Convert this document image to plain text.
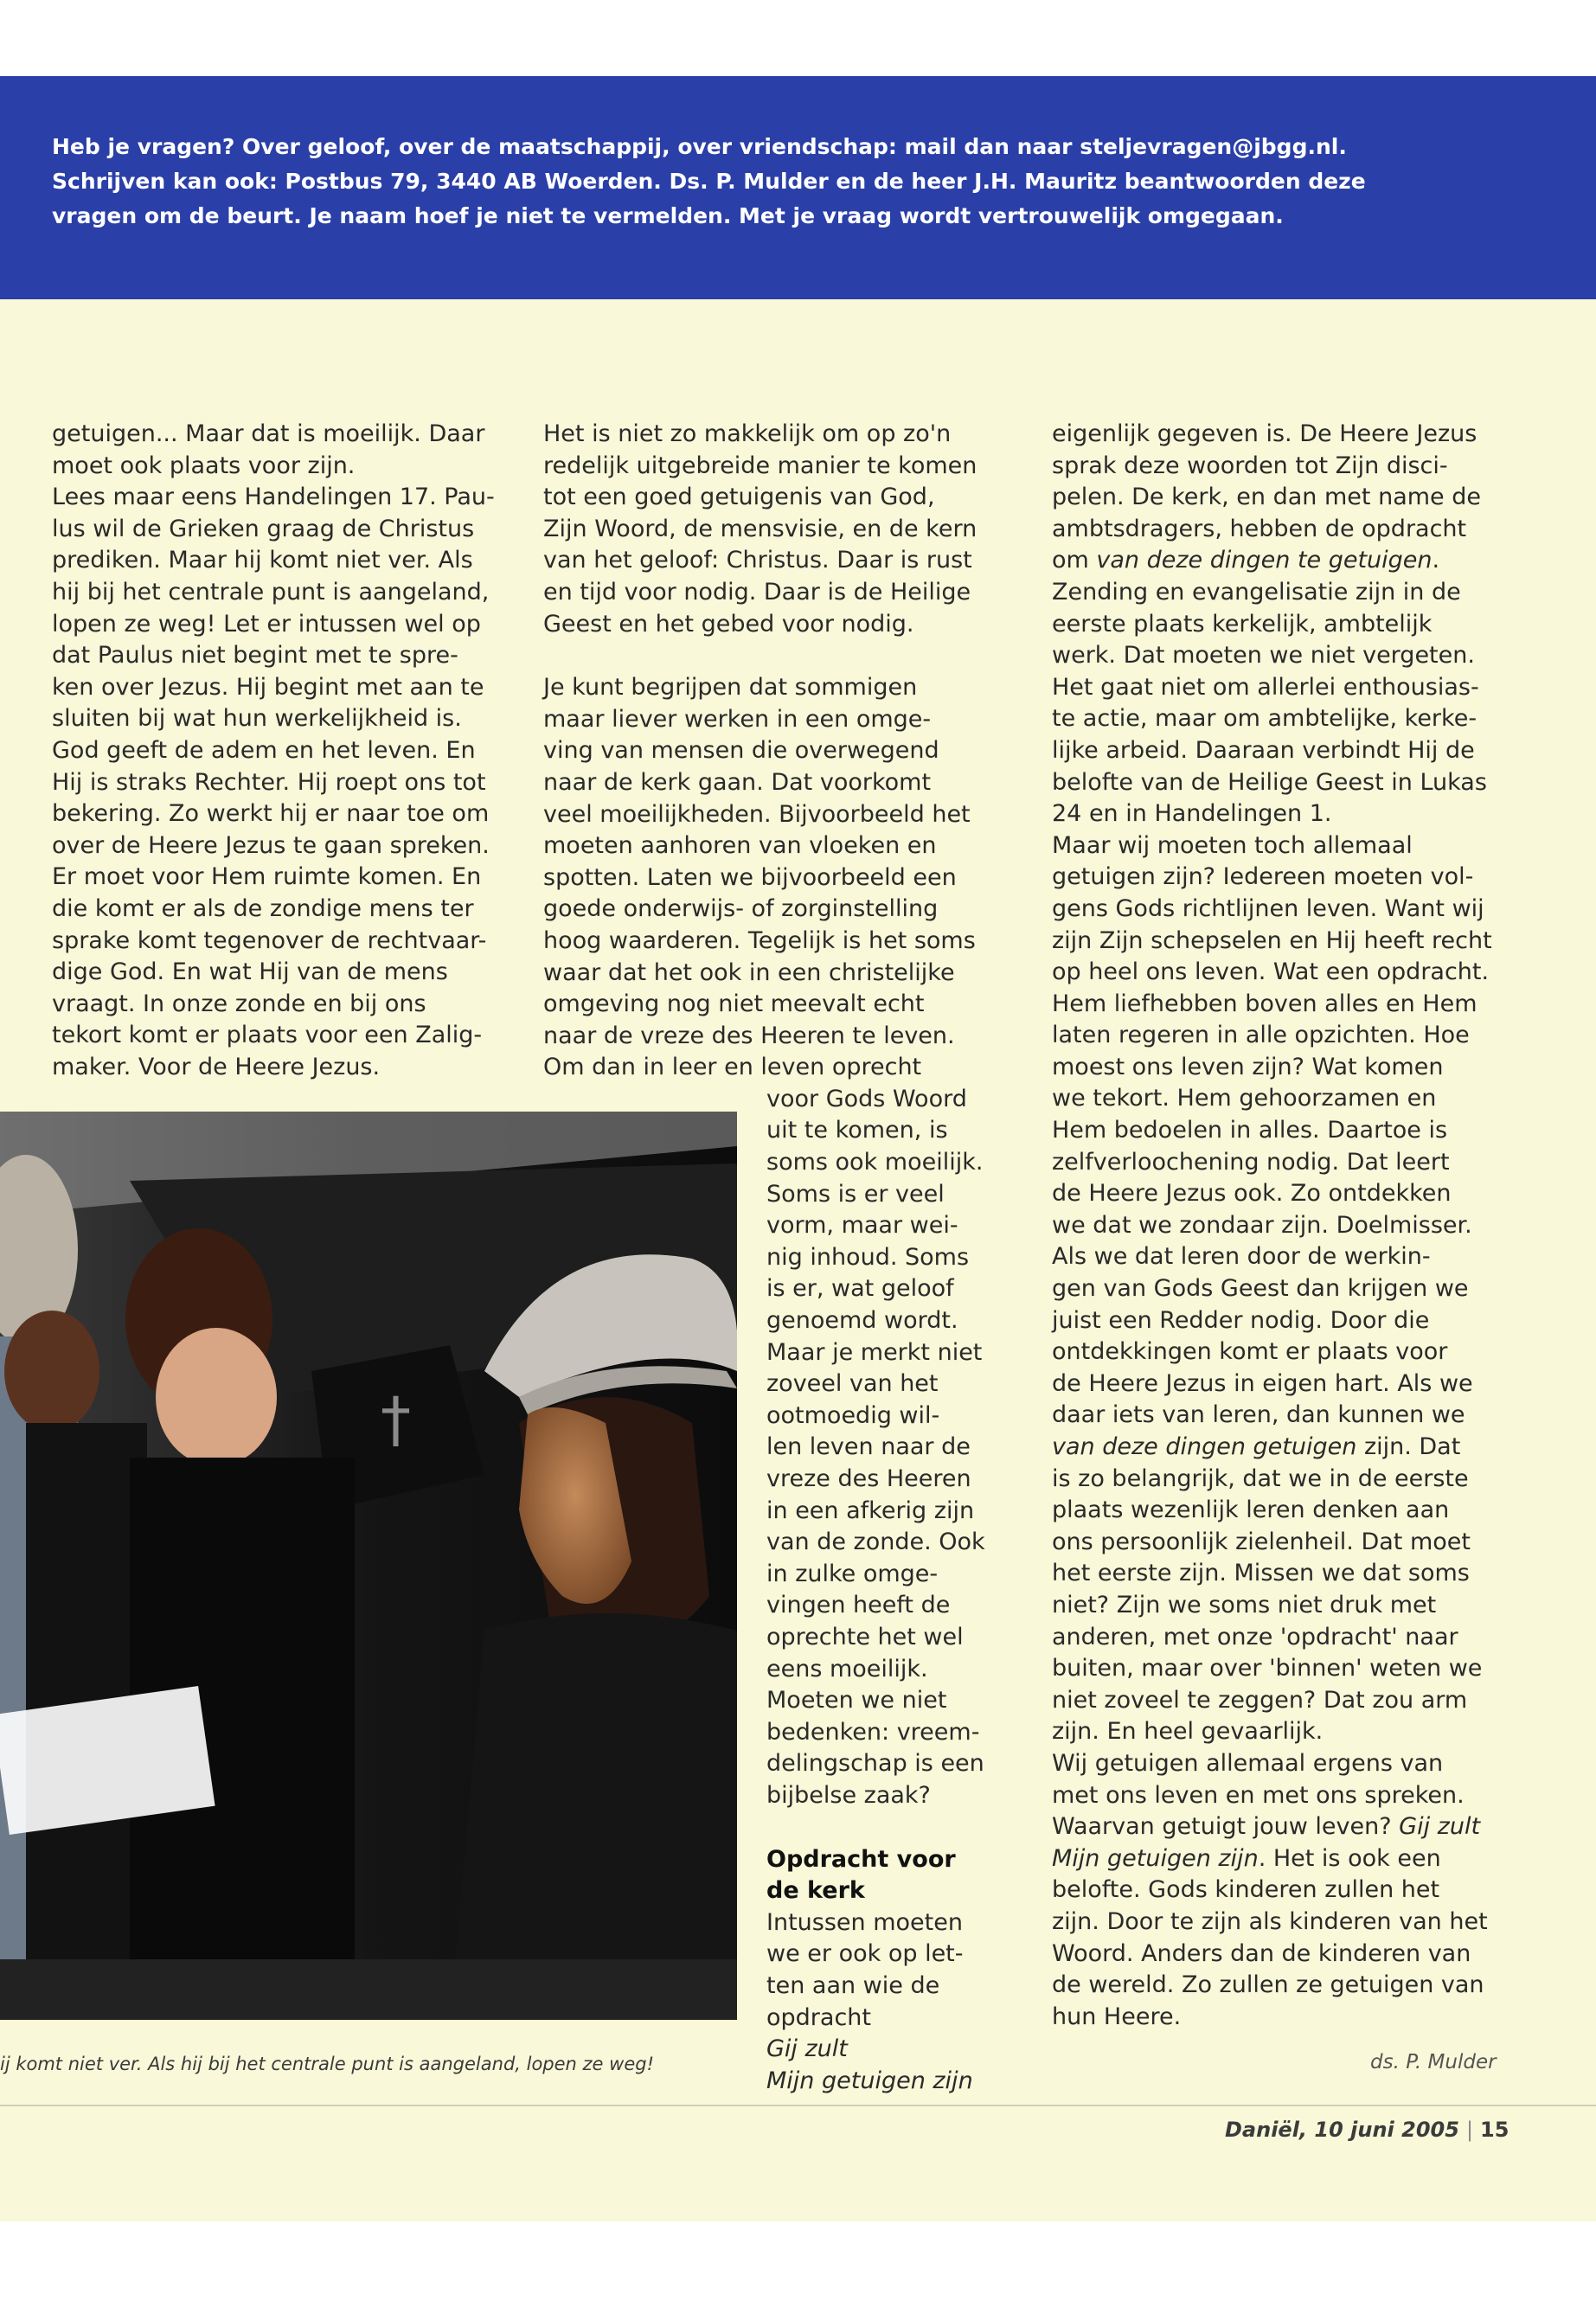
Heb je vragen? Over geloof, over de maatschappij, over vriendschap: mail dan naar steljevragen@jbgg.nl.
Schrijven kan ook: Postbus 79, 3440 AB Woerden. Ds. P. Mulder en de heer J.H. Mauritz beantwoorden deze
vragen om de beurt. Je naam hoef je niet te vermelden. Met je vraag wordt vertrouwelijk omgegaan.

getuigen... Maar dat is moeilijk. Daar
moet ook plaats voor zijn.
Lees maar eens Handelingen 17. Pau-
lus wil de Grieken graag de Christus
prediken. Maar hij komt niet ver. Als
hij bij het centrale punt is aangeland,
lopen ze weg! Let er intussen wel op
dat Paulus niet begint met te spre-
ken over Jezus. Hij begint met aan te
sluiten bij wat hun werkelijkheid is.
God geeft de adem en het leven. En
Hij is straks Rechter. Hij roept ons tot
bekering. Zo werkt hij er naar toe om
over de Heere Jezus te gaan spreken.
Er moet voor Hem ruimte komen. En
die komt er als de zondige mens ter
sprake komt tegenover de rechtvaar-
dige God. En wat Hij van de mens
vraagt. In onze zonde en bij ons
tekort komt er plaats voor een Zalig-
maker. Voor de Heere Jezus.
Het is niet zo makkelijk om op zo'n
redelijk uitgebreide manier te komen
tot een goed getuigenis van God,
Zijn Woord, de mensvisie, en de kern
van het geloof: Christus. Daar is rust
en tijd voor nodig. Daar is de Heilige
Geest en het gebed voor nodig.
Je kunt begrijpen dat sommigen
maar liever werken in een omge-
ving van mensen die overwegend
naar de kerk gaan. Dat voorkomt
veel moeilijkheden. Bijvoorbeeld het
moeten aanhoren van vloeken en
spotten. Laten we bijvoorbeeld een
goede onderwijs- of zorginstelling
hoog waarderen. Tegelijk is het soms
waar dat het ook in een christelijke
omgeving nog niet meevalt echt
naar de vreze des Heeren te leven.
Om dan in leer en leven oprecht
voor Gods Woord
uit te komen, is
soms ook moeilijk.
Soms is er veel
vorm, maar wei-
nig inhoud. Soms
is er, wat geloof
genoemd wordt.
Maar je merkt niet
zoveel van het
ootmoedig wil-
len leven naar de
vreze des Heeren
in een afkerig zijn
van de zonde. Ook
in zulke omge-
vingen heeft de
oprechte het wel
eens moeilijk.
Moeten we niet
bedenken: vreem-
delingschap is een
bijbelse zaak?
Opdracht voor
de kerk
Intussen moeten
we er ook op let-
ten aan wie de
opdracht
Gij zult
Mijn getuigen zijn
eigenlijk gegeven is. De Heere Jezus
sprak deze woorden tot Zijn disci-
pelen. De kerk, en dan met name de
ambtsdragers, hebben de opdracht
om van deze dingen te getuigen.
Zending en evangelisatie zijn in de
eerste plaats kerkelijk, ambtelijk
werk. Dat moeten we niet vergeten.
Het gaat niet om allerlei enthousias-
te actie, maar om ambtelijke, kerke-
lijke arbeid. Daaraan verbindt Hij de
belofte van de Heilige Geest in Lukas
24 en in Handelingen 1.
Maar wij moeten toch allemaal
getuigen zijn? Iedereen moeten vol-
gens Gods richtlijnen leven. Want wij
zijn Zijn schepselen en Hij heeft recht
op heel ons leven. Wat een opdracht.
Hem liefhebben boven alles en Hem
laten regeren in alle opzichten. Hoe
moest ons leven zijn? Wat komen
we tekort. Hem gehoorzamen en
Hem bedoelen in alles. Daartoe is
zelfverloochening nodig. Dat leert
de Heere Jezus ook. Zo ontdekken
we dat we zondaar zijn. Doelmisser.
Als we dat leren door de werkin-
gen van Gods Geest dan krijgen we
juist een Redder nodig. Door die
ontdekkingen komt er plaats voor
de Heere Jezus in eigen hart. Als we
daar iets van leren, dan kunnen we
van deze dingen getuigen zijn. Dat
is zo belangrijk, dat we in de eerste
plaats wezenlijk leren denken aan
ons persoonlijk zielenheil. Dat moet
het eerste zijn. Missen we dat soms
niet? Zijn we soms niet druk met
anderen, met onze 'opdracht' naar
buiten, maar over 'binnen' weten we
niet zoveel te zeggen? Dat zou arm
zijn. En heel gevaarlijk.
Wij getuigen allemaal ergens van
met ons leven en met ons spreken.
Waarvan getuigt jouw leven? Gij zult
Mijn getuigen zijn. Het is ook een
belofte. Gods kinderen zullen het
zijn. Door te zijn als kinderen van het
Woord. Anders dan de kinderen van
de wereld. Zo zullen ze getuigen van
hun Heere.
ds. P. Mulder
†
ij komt niet ver. Als hij bij het centrale punt is aangeland, lopen ze weg!
Daniël, 10 juni 2005 | 15
